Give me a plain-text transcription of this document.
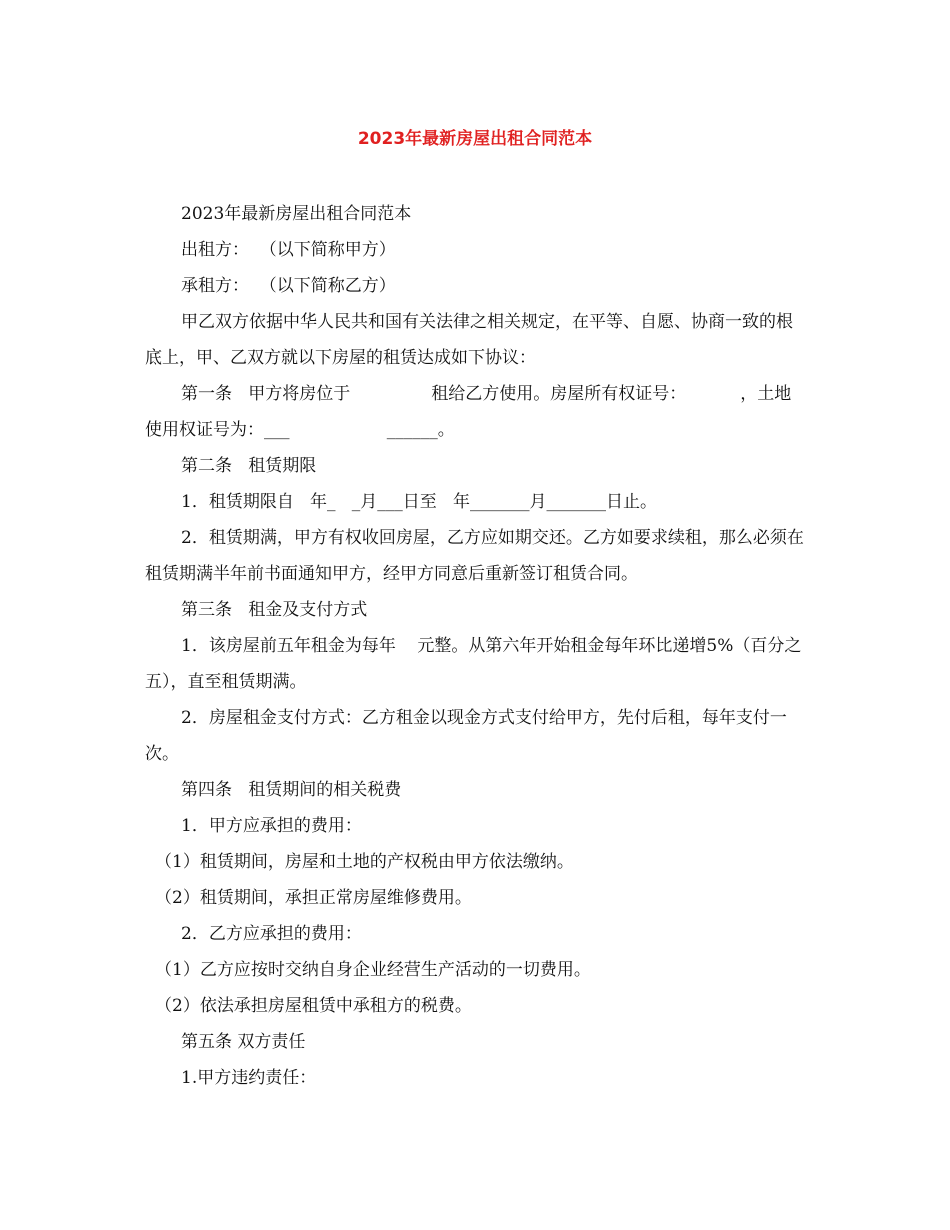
2023年最新房屋出租合同范本

2023年最新房屋出租合同范本

出租方：  （以下简称甲方）

承租方：  （以下简称乙方）

甲乙双方依据中华人民共和国有关法律之相关规定，在平等、自愿、协商一致的根底上，甲、乙双方就以下房屋的租赁达成如下协议：

第一条   甲方将房位于               租给乙方使用。房屋所有权证号：          ，土地使用权证号为：___                  ______。

第二条   租赁期限

1．租赁期限自   年_   _月___日至   年_______月_______日止。

2．租赁期满，甲方有权收回房屋，乙方应如期交还。乙方如要求续租，那么必须在租赁期满半年前书面通知甲方，经甲方同意后重新签订租赁合同。

第三条   租金及支付方式

1．该房屋前五年租金为每年    元整。从第六年开始租金每年环比递增5%（百分之五），直至租赁期满。

2．房屋租金支付方式：乙方租金以现金方式支付给甲方，先付后租，每年支付一次。

第四条   租赁期间的相关税费

1．甲方应承担的费用：

（1）租赁期间，房屋和土地的产权税由甲方依法缴纳。

（2）租赁期间，承担正常房屋维修费用。

2．乙方应承担的费用：

（1）乙方应按时交纳自身企业经营生产活动的一切费用。

（2）依法承担房屋租赁中承租方的税费。

第五条 双方责任

1.甲方违约责任：
